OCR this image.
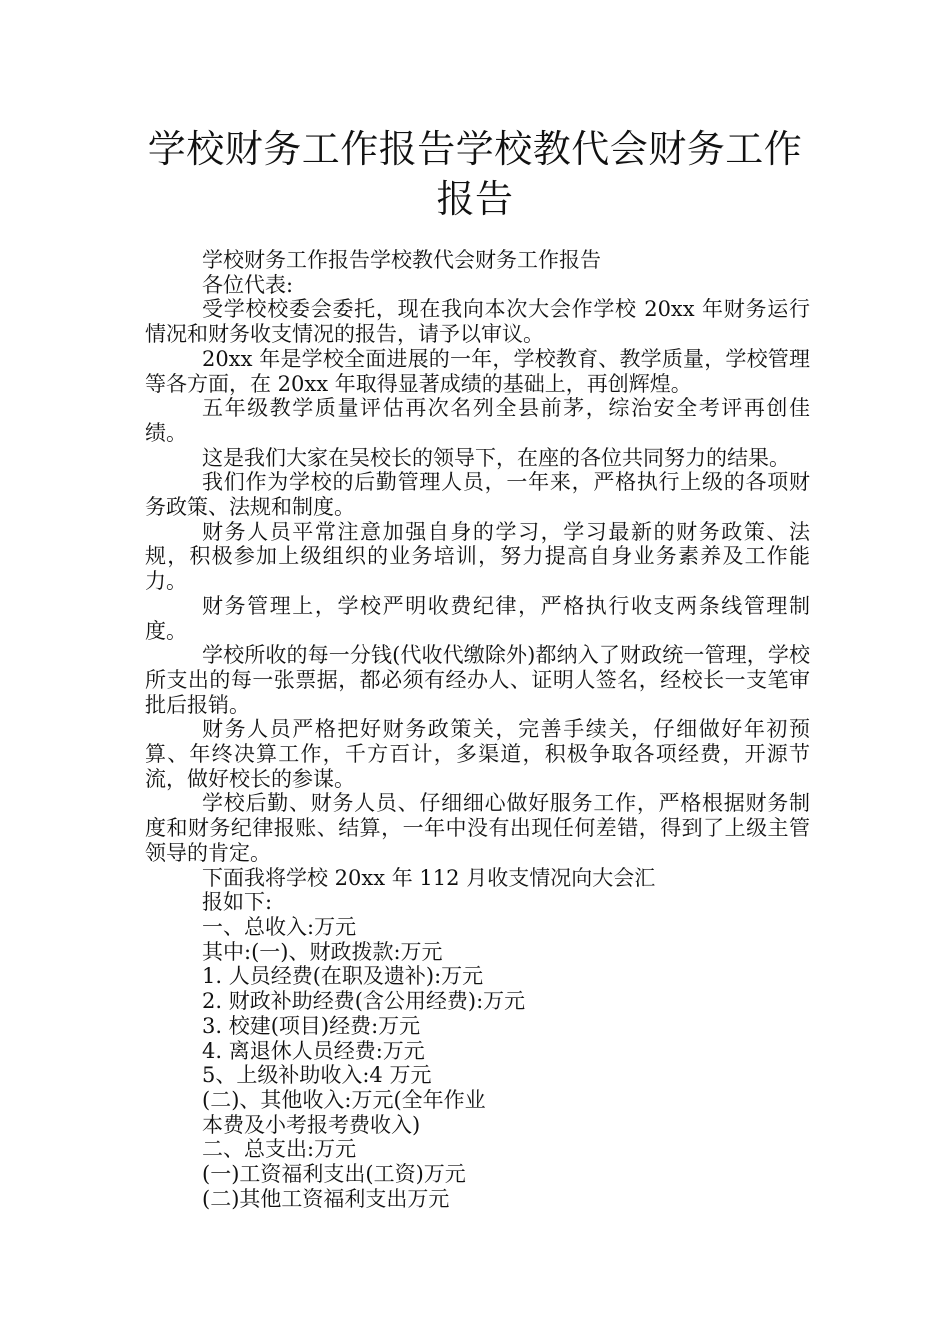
学校财务工作报告学校教代会财务工作报告

学校财务工作报告学校教代会财务工作报告

各位代表:

受学校校委会委托，现在我向本次大会作学校 20xx 年财务运行情况和财务收支情况的报告，请予以审议。

20xx 年是学校全面进展的一年，学校教育、教学质量，学校管理等各方面，在 20xx 年取得显著成绩的基础上，再创辉煌。

五年级教学质量评估再次名列全县前茅，综治安全考评再创佳绩。

这是我们大家在吴校长的领导下，在座的各位共同努力的结果。

我们作为学校的后勤管理人员，一年来，严格执行上级的各项财务政策、法规和制度。

财务人员平常注意加强自身的学习，学习最新的财务政策、法规，积极参加上级组织的业务培训，努力提高自身业务素养及工作能力。

财务管理上，学校严明收费纪律，严格执行收支两条线管理制度。

学校所收的每一分钱(代收代缴除外)都纳入了财政统一管理，学校所支出的每一张票据，都必须有经办人、证明人签名，经校长一支笔审批后报销。

财务人员严格把好财务政策关，完善手续关，仔细做好年初预算、年终决算工作，千方百计，多渠道，积极争取各项经费，开源节流，做好校长的参谋。

学校后勤、财务人员、仔细细心做好服务工作，严格根据财务制度和财务纪律报账、结算，一年中没有出现任何差错，得到了上级主管领导的肯定。

下面我将学校 20xx 年 112 月收支情况向大会汇

报如下:

一、总收入:万元

其中:(一)、财政拨款:万元

1. 人员经费(在职及遗补):万元

2. 财政补助经费(含公用经费):万元

3. 校建(项目)经费:万元

4. 离退休人员经费:万元

5、上级补助收入:4 万元

(二)、其他收入:万元(全年作业

本费及小考报考费收入)

二、总支出:万元

(一)工资福利支出(工资)万元

(二)其他工资福利支出万元
